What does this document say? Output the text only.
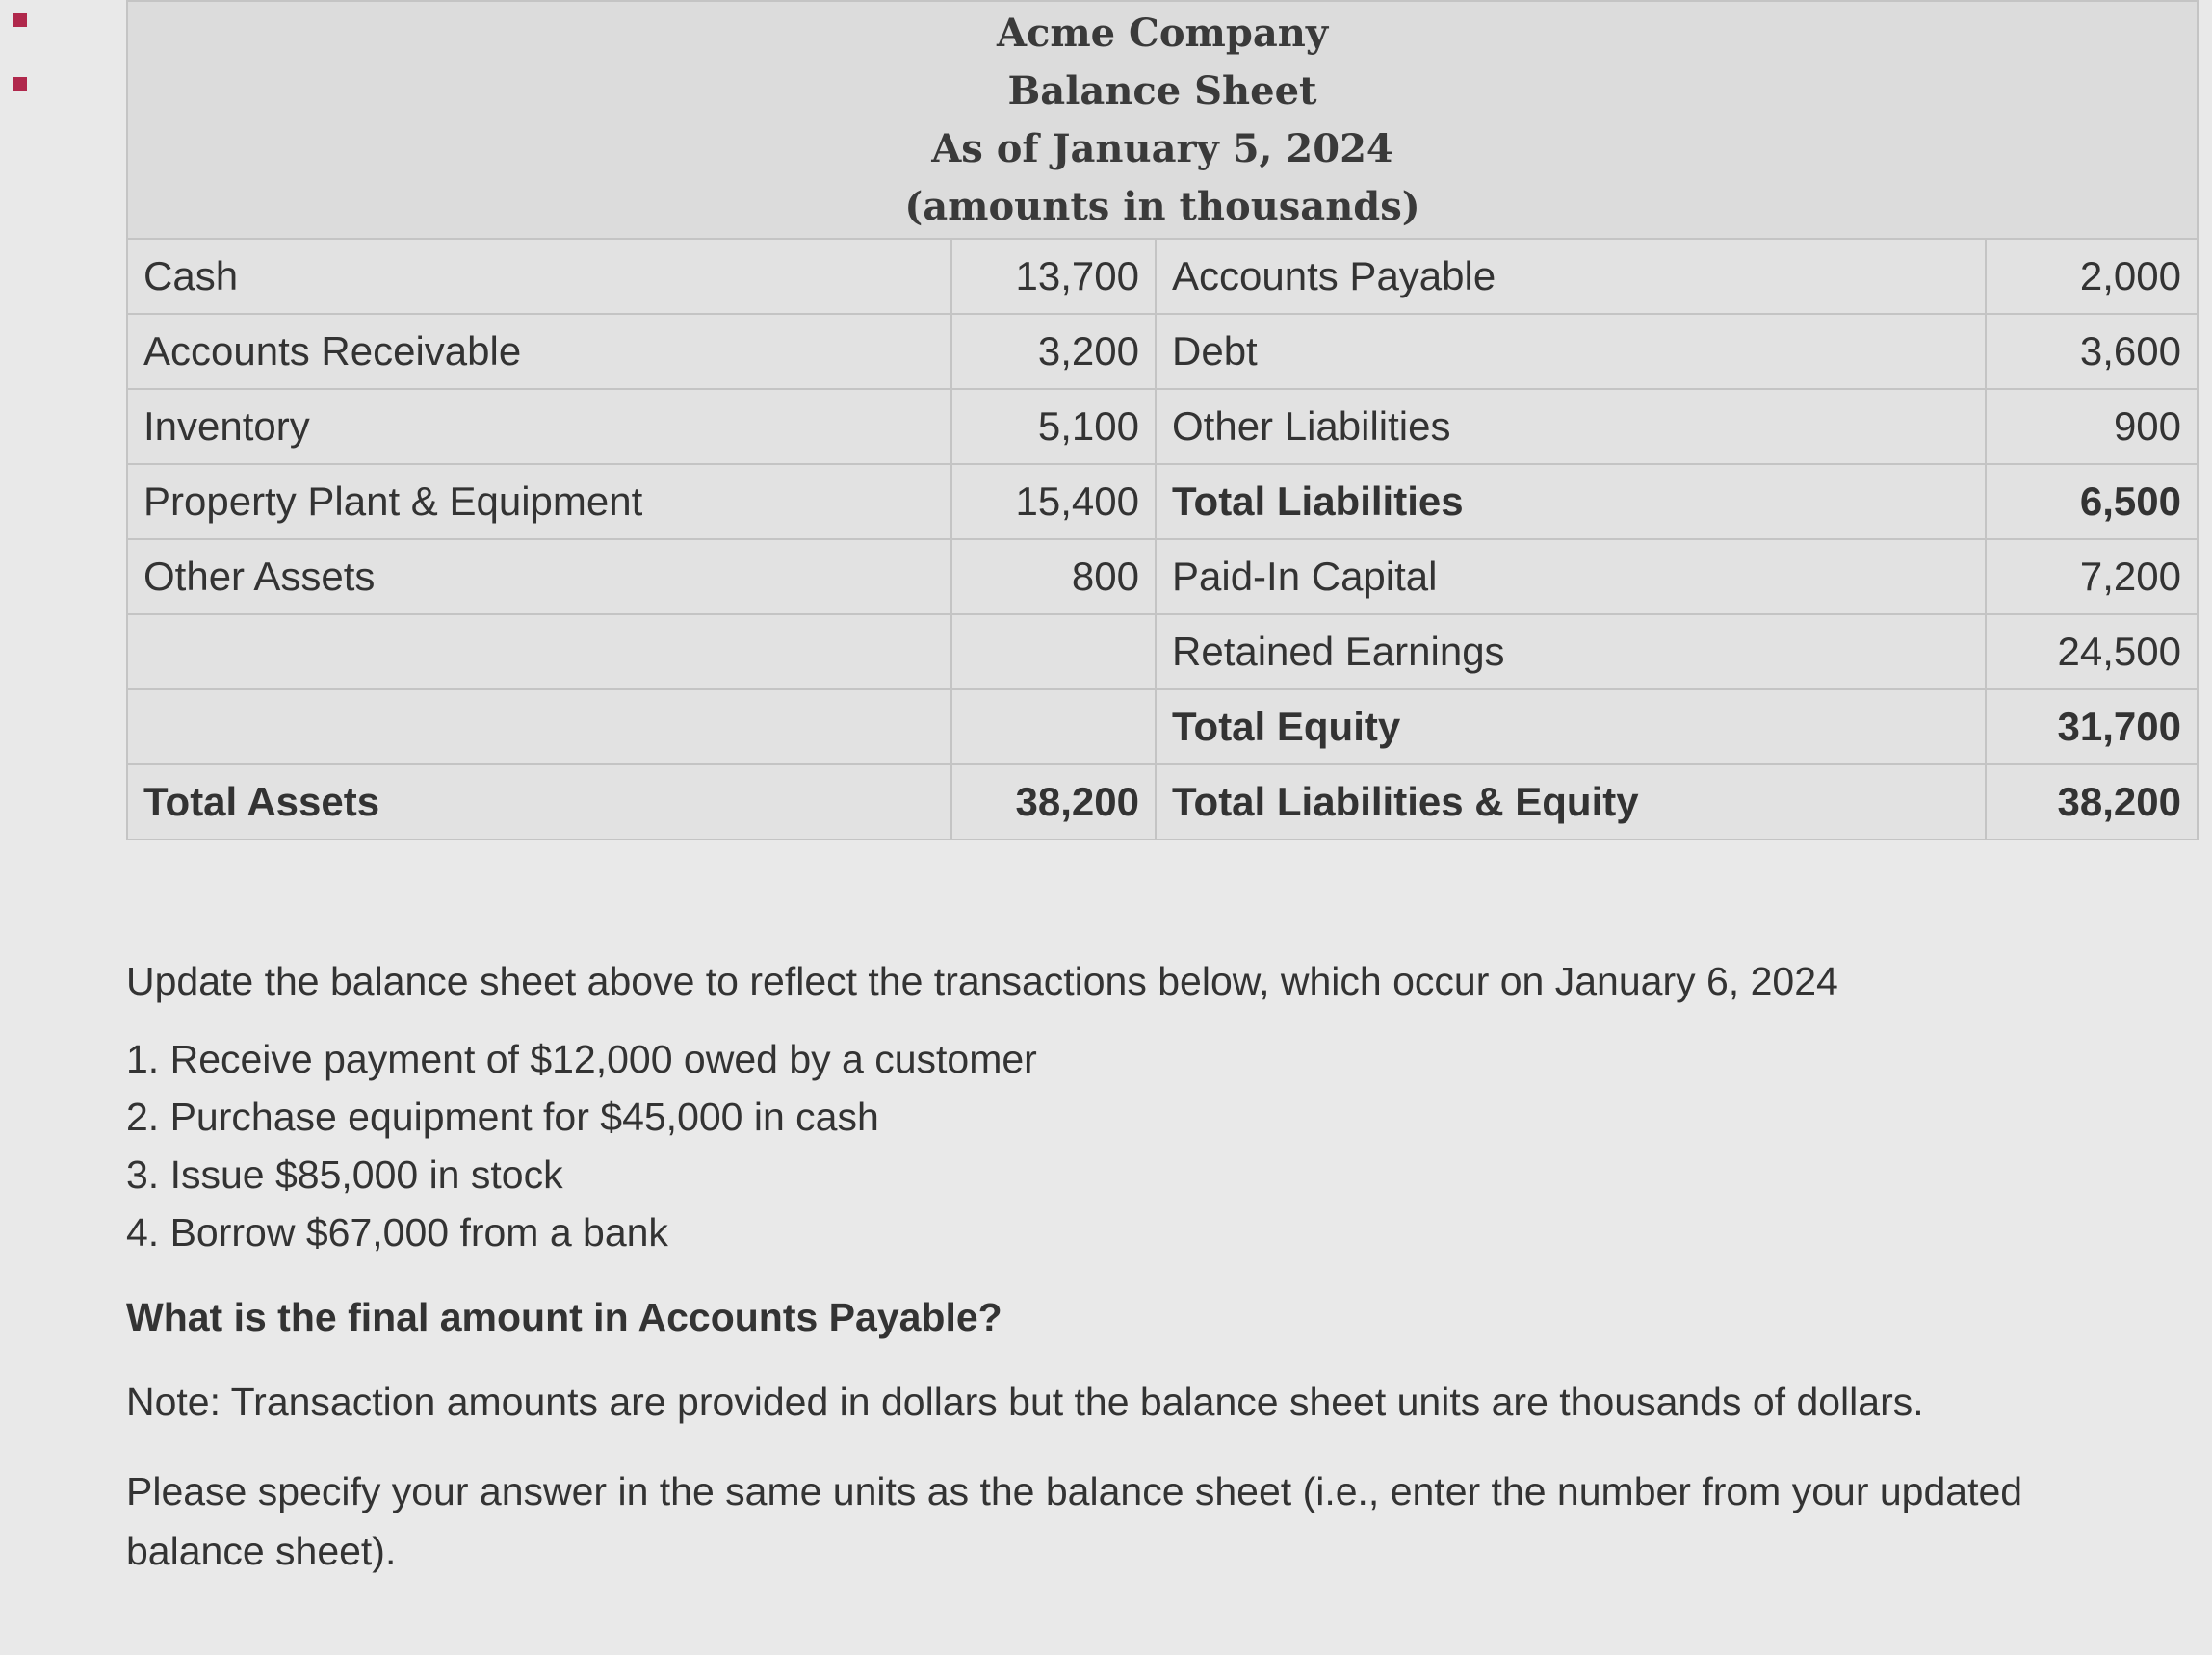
Acme Company
Balance Sheet
As of January 5, 2024
(amounts in thousands)			

Cash	13,700	Accounts Payable	2,000
Accounts Receivable	3,200	Debt	3,600
Inventory	5,100	Other Liabilities	900
Property Plant & Equipment	15,400	Total Liabilities	6,500
Other Assets	800	Paid-In Capital	7,200
		Retained Earnings	24,500
		Total Equity	31,700
Total Assets	38,200	Total Liabilities & Equity	38,200

Update the balance sheet above to reflect the transactions below, which occur on January 6, 2024

1. Receive payment of $12,000 owed by a customer
2. Purchase equipment for $45,000 in cash
3. Issue $85,000 in stock
4. Borrow $67,000 from a bank

What is the final amount in Accounts Payable?

Note: Transaction amounts are provided in dollars but the balance sheet units are thousands of dollars.

Please specify your answer in the same units as the balance sheet (i.e., enter the number from your updated balance sheet).
